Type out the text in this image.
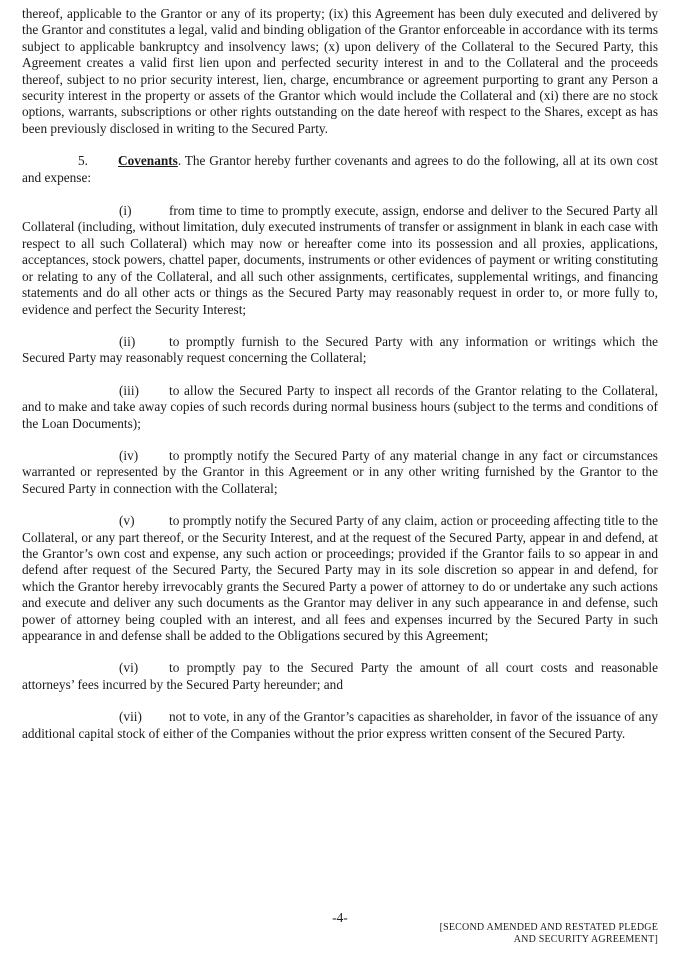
thereof, applicable to the Grantor or any of its property; (ix) this Agreement has been duly executed and delivered by the Grantor and constitutes a legal, valid and binding obligation of the Grantor enforceable in accordance with its terms subject to applicable bankruptcy and insolvency laws; (x) upon delivery of the Collateral to the Secured Party, this Agreement creates a valid first lien upon and perfected security interest in and to the Collateral and the proceeds thereof, subject to no prior security interest, lien, charge, encumbrance or agreement purporting to grant any Person a security interest in the property or assets of the Grantor which would include the Collateral and (xi) there are no stock options, warrants, subscriptions or other rights outstanding on the date hereof with respect to the Shares, except as has been previously disclosed in writing to the Secured Party.

5. Covenants. The Grantor hereby further covenants and agrees to do the following, all at its own cost and expense:

(i)	from time to time to promptly execute, assign, endorse and deliver to the Secured Party all Collateral (including, without limitation, duly executed instruments of transfer or assignment in blank in each case with respect to all such Collateral) which may now or hereafter come into its possession and all proxies, applications, acceptances, stock powers, chattel paper, documents, instruments or other evidences of payment or writing constituting or relating to any of the Collateral, and all such other assignments, certificates, supplemental writings, and financing statements and do all other acts or things as the Secured Party may reasonably request in order to, or more fully to, evidence and perfect the Security Interest;

(ii)	to promptly furnish to the Secured Party with any information or writings which the Secured Party may reasonably request concerning the Collateral;

(iii) to allow the Secured Party to inspect all records of the Grantor relating to the Collateral, and to make and take away copies of such records during normal business hours (subject to the terms and conditions of the Loan Documents);

(iv) to promptly notify the Secured Party of any material change in any fact or circumstances warranted or represented by the Grantor in this Agreement or in any other writing furnished by the Grantor to the Secured Party in connection with the Collateral;

(v)	to promptly notify the Secured Party of any claim, action or proceeding affecting title to the Collateral, or any part thereof, or the Security Interest, and at the request of the Secured Party, appear in and defend, at the Grantor’s own cost and expense, any such action or proceedings; provided if the Grantor fails to so appear in and defend after request of the Secured Party, the Secured Party may in its sole discretion so appear in and defend, for which the Grantor hereby irrevocably grants the Secured Party a power of attorney to do or undertake any such actions and execute and deliver any such documents as the Grantor may deliver in any such appearance in and defense, such power of attorney being coupled with an interest, and all fees and expenses incurred by the Secured Party in such appearance in and defense shall be added to the Obligations secured by this Agreement;

(vi) to promptly pay to the Secured Party the amount of all court costs and reasonable attorneys’ fees incurred by the Secured Party hereunder; and

(vii) not to vote, in any of the Grantor’s capacities as shareholder, in favor of the issuance of any additional capital stock of either of the Companies without the prior express written consent of the Secured Party.

-4-
[SECOND AMENDED AND RESTATED PLEDGE
AND SECURITY AGREEMENT]
